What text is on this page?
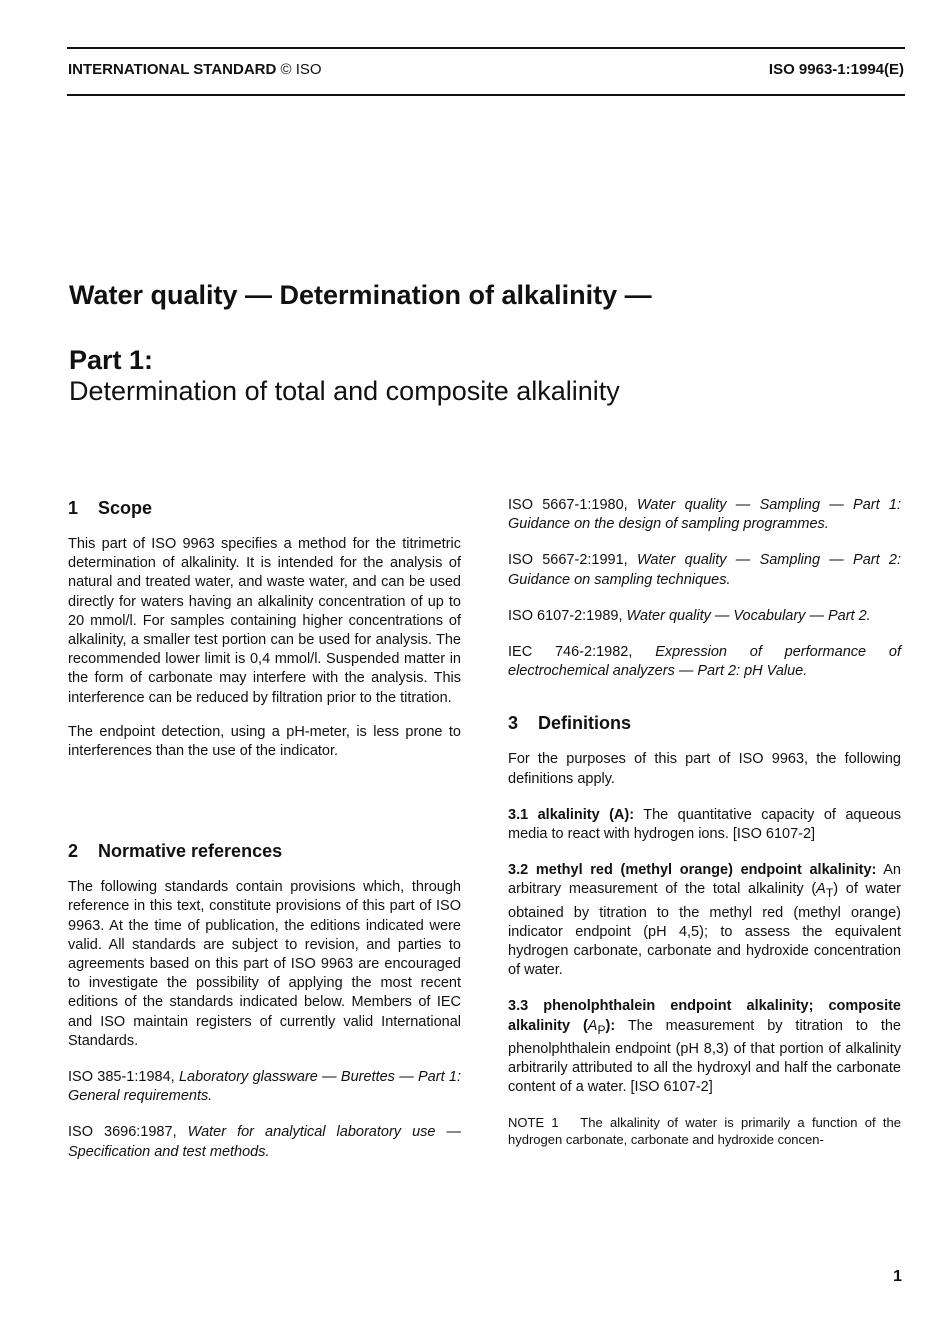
INTERNATIONAL STANDARD © ISO	ISO 9963-1:1994(E)
Water quality — Determination of alkalinity —
Part 1:
Determination of total and composite alkalinity
1 Scope

This part of ISO 9963 specifies a method for the titrimetric determination of alkalinity. It is intended for the analysis of natural and treated water, and waste water, and can be used directly for waters having an alkalinity concentration of up to 20 mmol/l. For samples containing higher concentrations of alkalinity, a smaller test portion can be used for analysis. The recommended lower limit is 0,4 mmol/l. Suspended matter in the form of carbonate may interfere with the analysis. This interference can be reduced by filtration prior to the titration.

The endpoint detection, using a pH-meter, is less prone to interferences than the use of the indicator.

2 Normative references

The following standards contain provisions which, through reference in this text, constitute provisions of this part of ISO 9963. At the time of publication, the editions indicated were valid. All standards are subject to revision, and parties to agreements based on this part of ISO 9963 are encouraged to investigate the possibility of applying the most recent editions of the standards indicated below. Members of IEC and ISO maintain registers of currently valid International Standards.

ISO 385-1:1984, Laboratory glassware — Burettes — Part 1: General requirements.

ISO 3696:1987, Water for analytical laboratory use — Specification and test methods.

ISO 5667-1:1980, Water quality — Sampling — Part 1: Guidance on the design of sampling programmes.

ISO 5667-2:1991, Water quality — Sampling — Part 2: Guidance on sampling techniques.

ISO 6107-2:1989, Water quality — Vocabulary — Part 2.

IEC 746-2:1982, Expression of performance of electrochemical analyzers — Part 2: pH Value.

3 Definitions

For the purposes of this part of ISO 9963, the following definitions apply.

3.1 alkalinity (A): The quantitative capacity of aqueous media to react with hydrogen ions. [ISO 6107-2]

3.2 methyl red (methyl orange) endpoint alkalinity: An arbitrary measurement of the total alkalinity $(A_T)$ of water obtained by titration to the methyl red (methyl orange) indicator endpoint (pH 4,5); to assess the equivalent hydrogen carbonate, carbonate and hydroxide concentration of water.

3.3 phenolphthalein endpoint alkalinity; composite alkalinity $(A_P)$: The measurement by titration to the phenolphthalein endpoint (pH 8,3) of that portion of alkalinity arbitrarily attributed to all the hydroxyl and half the carbonate content of a water. [ISO 6107-2]

NOTE 1 The alkalinity of water is primarily a function of the hydrogen carbonate, carbonate and hydroxide concen-

1
